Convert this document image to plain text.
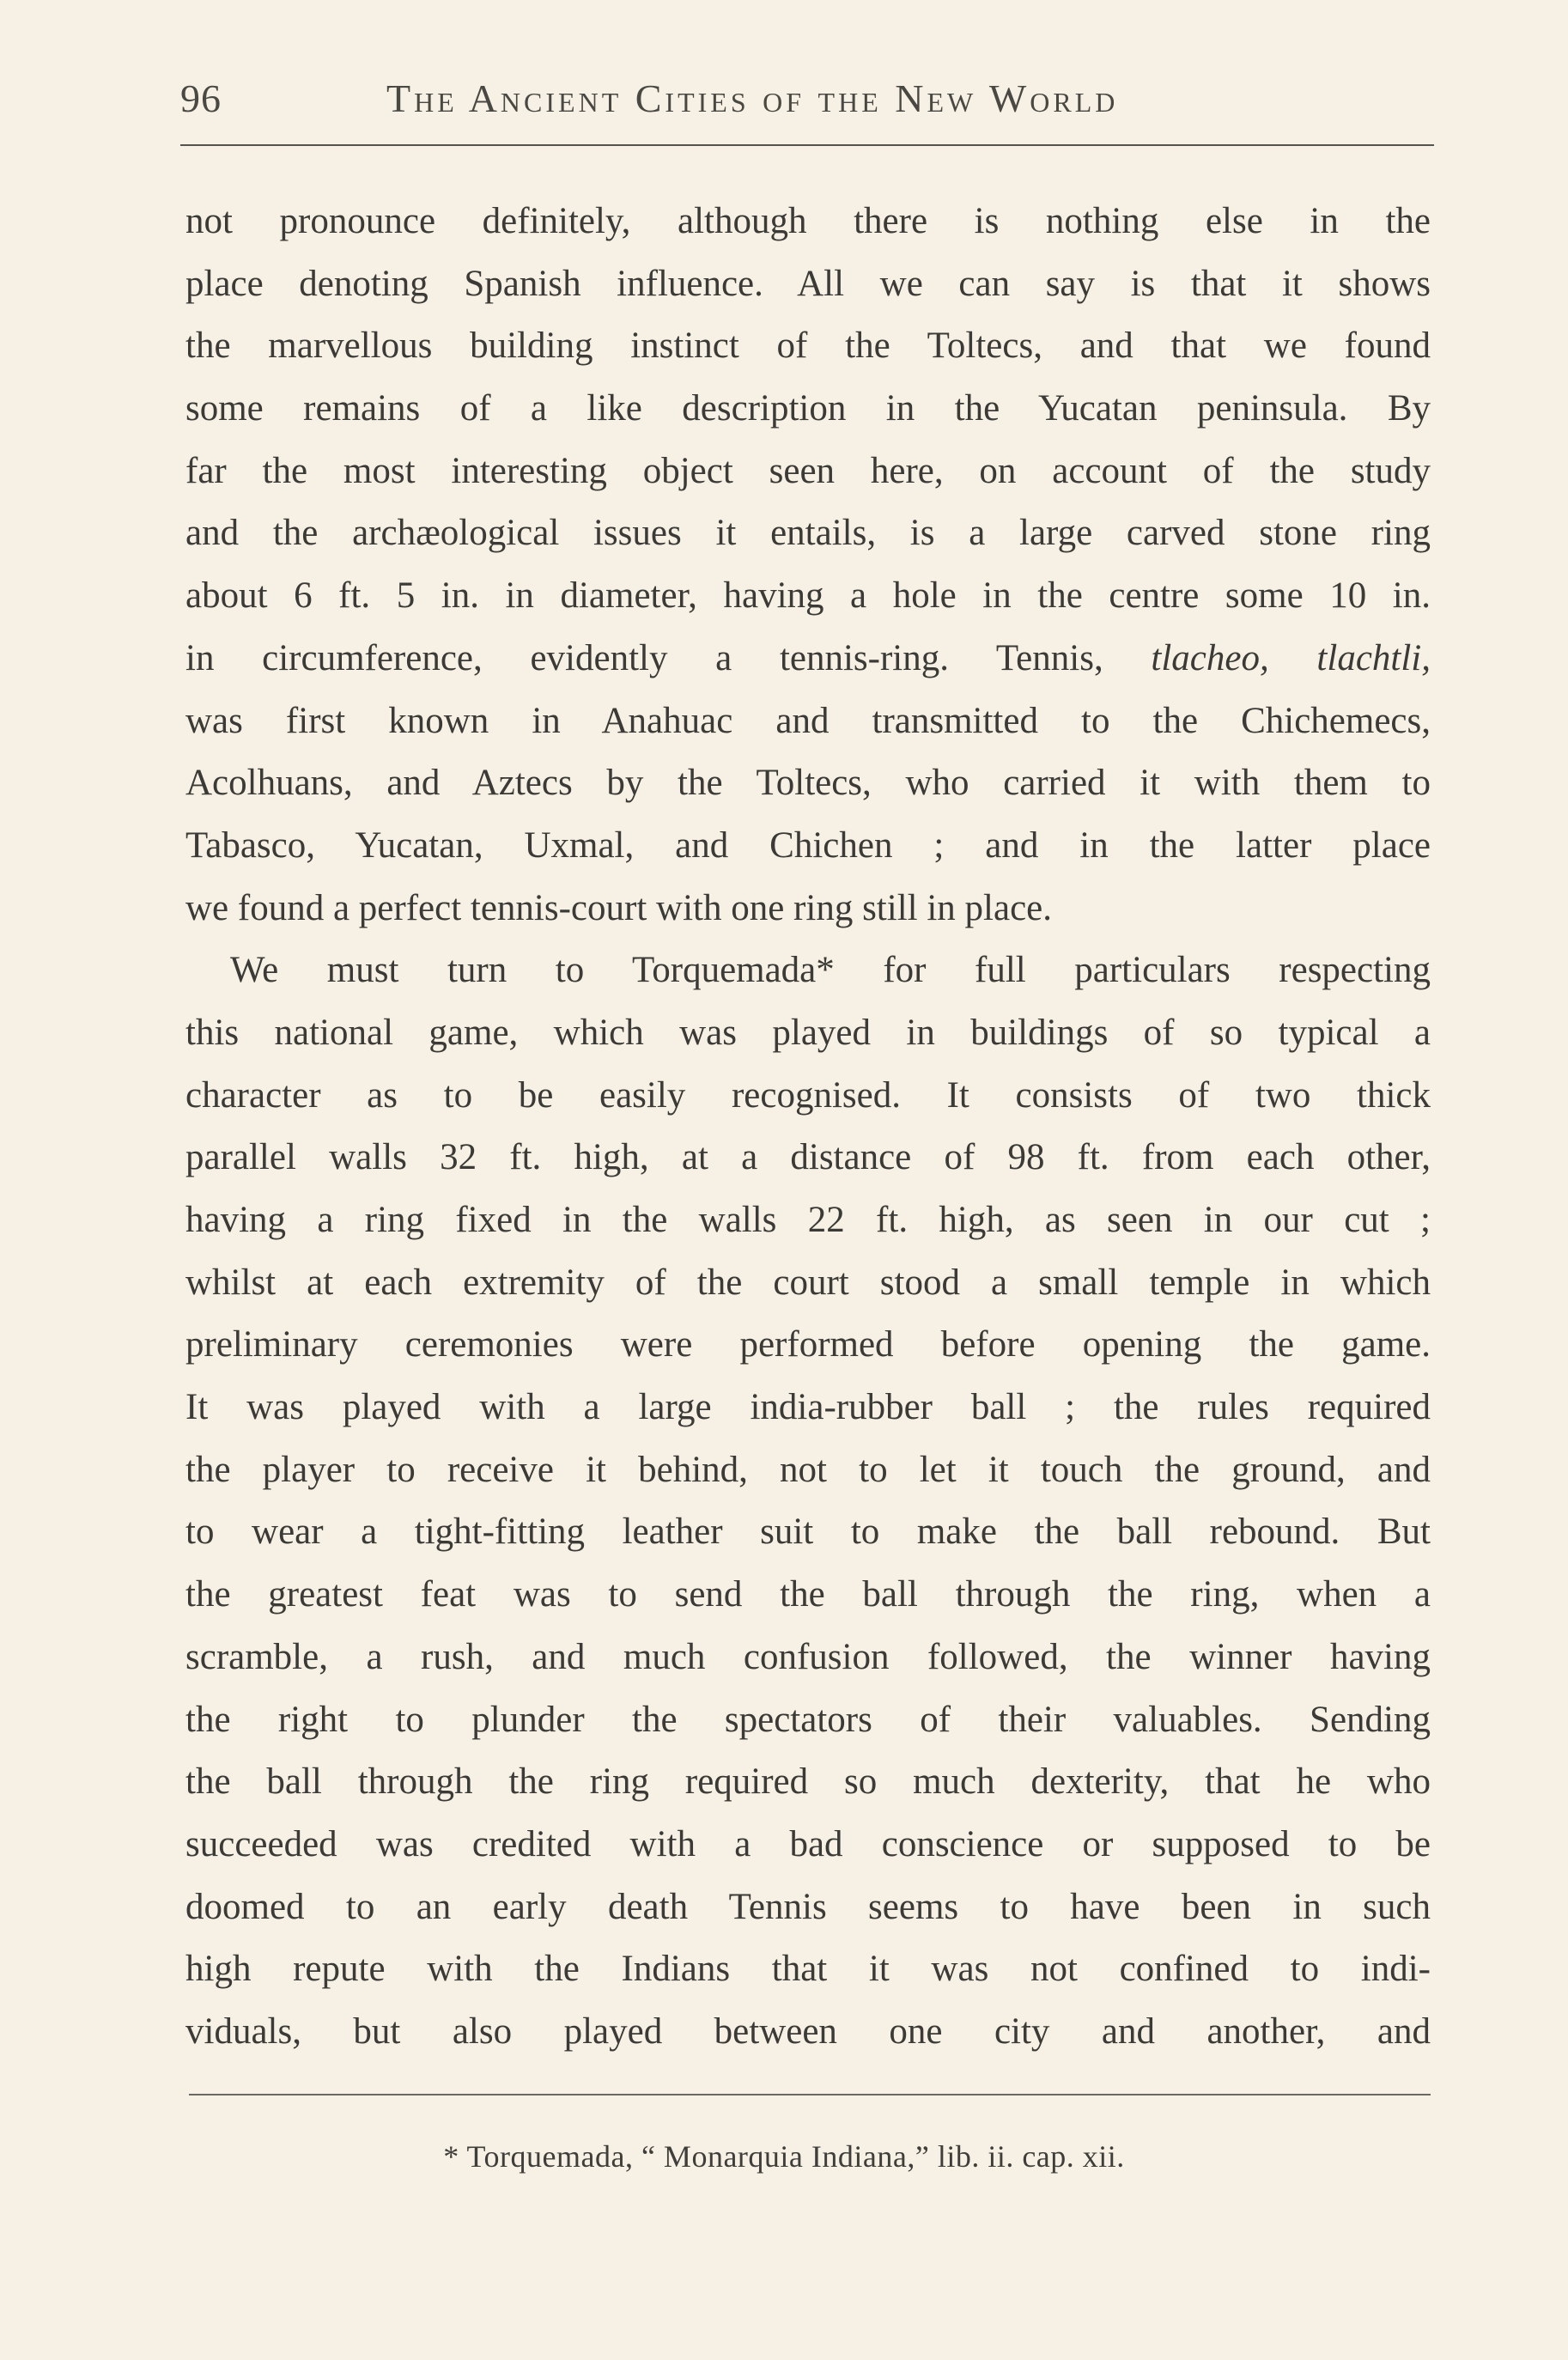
96	The Ancient Cities of the New World
not pronounce definitely, although there is nothing else in the
place denoting Spanish influence. All we can say is that it shows
the marvellous building instinct of the Toltecs, and that we found
some remains of a like description in the Yucatan peninsula. By
far the most interesting object seen here, on account of the study
and the archæological issues it entails, is a large carved stone ring
about 6 ft. 5 in. in diameter, having a hole in the centre some 10 in.
in circumference, evidently a tennis-ring. Tennis, tlacheo, tlachtli,
was first known in Anahuac and transmitted to the Chichemecs,
Acolhuans, and Aztecs by the Toltecs, who carried it with them to
Tabasco, Yucatan, Uxmal, and Chichen ; and in the latter place
we found a perfect tennis-court with one ring still in place.
We must turn to Torquemada* for full particulars respecting
this national game, which was played in buildings of so typical a
character as to be easily recognised. It consists of two thick
parallel walls 32 ft. high, at a distance of 98 ft. from each other,
having a ring fixed in the walls 22 ft. high, as seen in our cut ;
whilst at each extremity of the court stood a small temple in which
preliminary ceremonies were performed before opening the game.
It was played with a large india-rubber ball ; the rules required
the player to receive it behind, not to let it touch the ground, and
to wear a tight-fitting leather suit to make the ball rebound. But
the greatest feat was to send the ball through the ring, when a
scramble, a rush, and much confusion followed, the winner having
the right to plunder the spectators of their valuables. Sending
the ball through the ring required so much dexterity, that he who
succeeded was credited with a bad conscience or supposed to be
doomed to an early death Tennis seems to have been in such
high repute with the Indians that it was not confined to indi-
viduals, but also played between one city and another, and
* Torquemada, “ Monarquia Indiana,” lib. ii. cap. xii.
